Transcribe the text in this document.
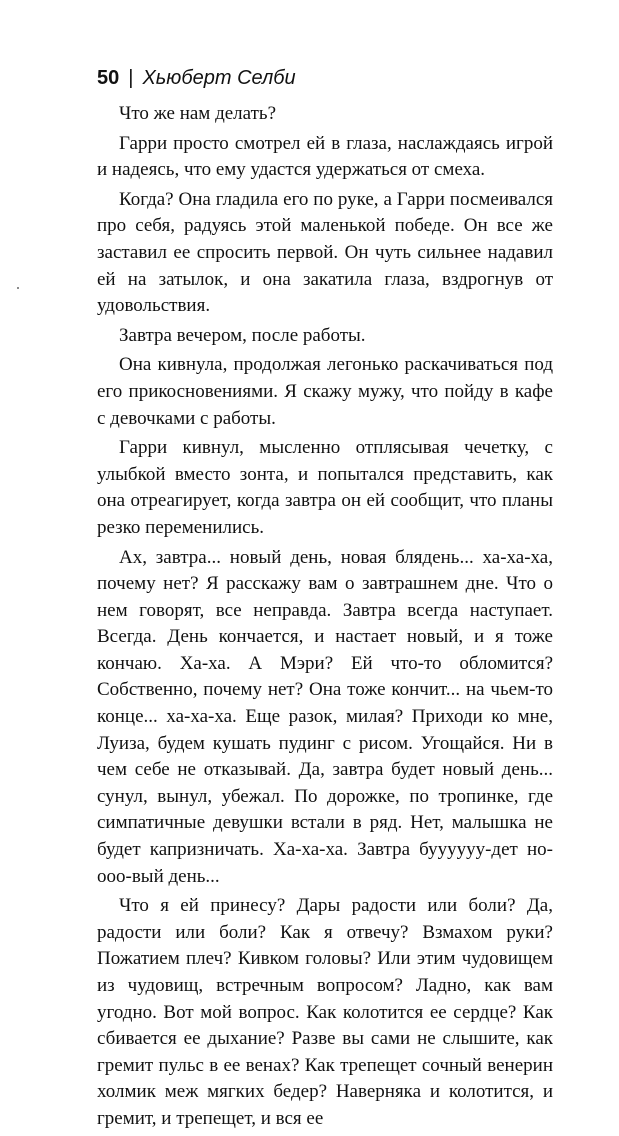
50 | Хьюберт Селби

Что же нам делать?

Гарри просто смотрел ей в глаза, наслаждаясь игрой и надеясь, что ему удастся удержаться от смеха.

Когда? Она гладила его по руке, а Гарри посмеивался про себя, радуясь этой маленькой победе. Он все же заставил ее спросить первой. Он чуть сильнее надавил ей на затылок, и она закатила глаза, вздрогнув от удовольствия.

Завтра вечером, после работы.

Она кивнула, продолжая легонько раскачиваться под его прикосновениями. Я скажу мужу, что пойду в кафе с девочками с работы.

Гарри кивнул, мысленно отплясывая чечетку, с улыбкой вместо зонта, и попытался представить, как она отреагирует, когда завтра он ей сообщит, что планы резко переменились.

Ах, завтра... новый день, новая блядень... ха-ха-ха, почему нет? Я расскажу вам о завтрашнем дне. Что о нем говорят, все неправда. Завтра всегда наступает. Всегда. День кончается, и настает новый, и я тоже кончаю. Ха-ха. А Мэри? Ей что-то обломится? Собственно, почему нет? Она тоже кончит... на чьем-то конце... ха-ха-ха. Еще разок, милая? Приходи ко мне, Луиза, будем кушать пудинг с рисом. Угощайся. Ни в чем себе не отказывай. Да, завтра будет новый день... сунул, вынул, убежал. По дорожке, по тропинке, где симпатичные девушки встали в ряд. Нет, малышка не будет капризничать. Ха-ха-ха. Завтра буууууу-дет но-ооо-вый день...

Что я ей принесу? Дары радости или боли? Да, радости или боли? Как я отвечу? Взмахом руки? Пожатием плеч? Кивком головы? Или этим чудовищем из чудовищ, встречным вопросом? Ладно, как вам угодно. Вот мой вопрос. Как колотится ее сердце? Как сбивается ее дыхание? Разве вы сами не слышите, как гремит пульс в ее венах? Как трепещет сочный венерин холмик меж мягких бедер? Наверняка и колотится, и гремит, и трепещет, и вся ее
